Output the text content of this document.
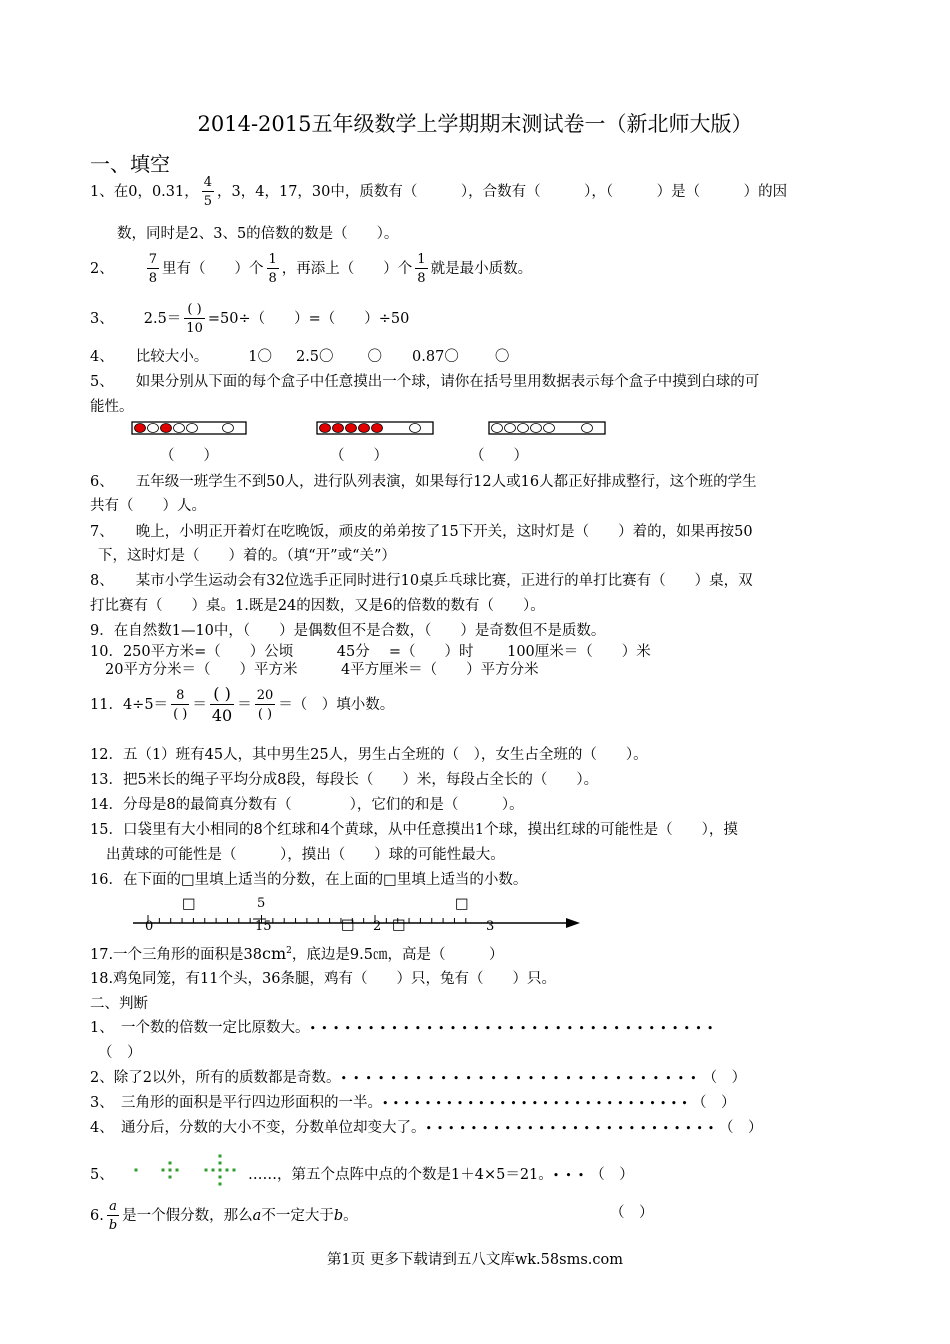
2014-2015五年级数学上学期期末测试卷一（新北师大版）
一、填空
1、在0，0.31， $\frac{4}{5}$ ，3，4，17，30中，质数有（　　　），合数有（　　　），（　　　）是（　　　）的因
数，同时是2、3、5的倍数的数是（　　）。
2、	$\frac{7}{8}$ 里有（　　）个 $\frac{1}{8}$ ，再添上（　　）个 $\frac{1}{8}$ 就是最小质数。
3、 $2.5= \frac{( )}{10} =50\div$（　　）=（　　）÷50
4、 比较大小。	1〇 2.5〇 〇 0.87〇 〇
5、 如果分别从下面的每个盒子中任意摸出一个球，请你在括号里用数据表示每个盒子中摸到白球的可
能性。
（　　）	（　　）	（　　）
6、 五年级一班学生不到50人，进行队列表演，如果每行12人或16人都正好排成整行，这个班的学生
共有（　　）人。
7、 晚上，小明正开着灯在吃晚饭，顽皮的弟弟按了15下开关，这时灯是（　　）着的，如果再按50
下，这时灯是（　　）着的。（填“开”或“关”）
8、 某市小学生运动会有32位选手正同时进行10桌乒乓球比赛，正进行的单打比赛有（　　）桌，双
打比赛有（　　）桌。1.既是24的因数，又是6的倍数的数有（　　）。
9．在自然数1—10中，（　　）是偶数但不是合数，（　　）是奇数但不是质数。
10．250平方米=（　　）公顷　　　45分　 =（　　）时　　 100厘米＝（　　）米
20平方分米＝（　　）平方米　　　4平方厘米＝（　　）平方分米
11．$4\div 5= \frac{8}{( )} = \frac{( )}{40} = \frac{20}{( )}$ ＝（　）填小数。
12．五（1）班有45人，其中男生25人，男生占全班的（　），女生占全班的（　　）。
13．把5米长的绳子平均分成8段，每段长（　　）米，每段占全长的（　　）。
14．分母是8的最简真分数有（　　　　），它们的和是（　　　）。
15．口袋里有大小相同的8个红球和4个黄球，从中任意摸出1个球，摸出红球的可能性是（　　），摸
出黄球的可能性是（　　　），摸出（　　）球的可能性最大。
16．在下面的□里填上适当的分数，在上面的□里填上适当的小数。
□	5	□
0	15	□ 2 □	3
17.一个三角形的面积是$38cm^2$，底边是9.5㎝，高是（　　　）
18.鸡兔同笼，有11个头，36条腿，鸡有（　　）只，兔有（　　）只。
二、判断
1、　一个数的倍数一定比原数大。•••••••••••••••••••••••••••••••••••
（　）
2、除了2以外，所有的质数都是奇数。•••••••••••••••••••••••••••••（　）
3、　三角形的面积是平行四边形面积的一半。•••••••••••••••••••••••••••••（　）
4、　通分后，分数的大小不变，分数单位却变大了。••••••••••••••••••••••••••（　）
5、	……，第五个点阵中点的个数是1＋4×5＝21。•••（　）
6. $\frac{a}{b}$ 是一个假分数，那么a不一定大于b。	（　）
第1页 更多下载请到五八文库wk.58sms.com
